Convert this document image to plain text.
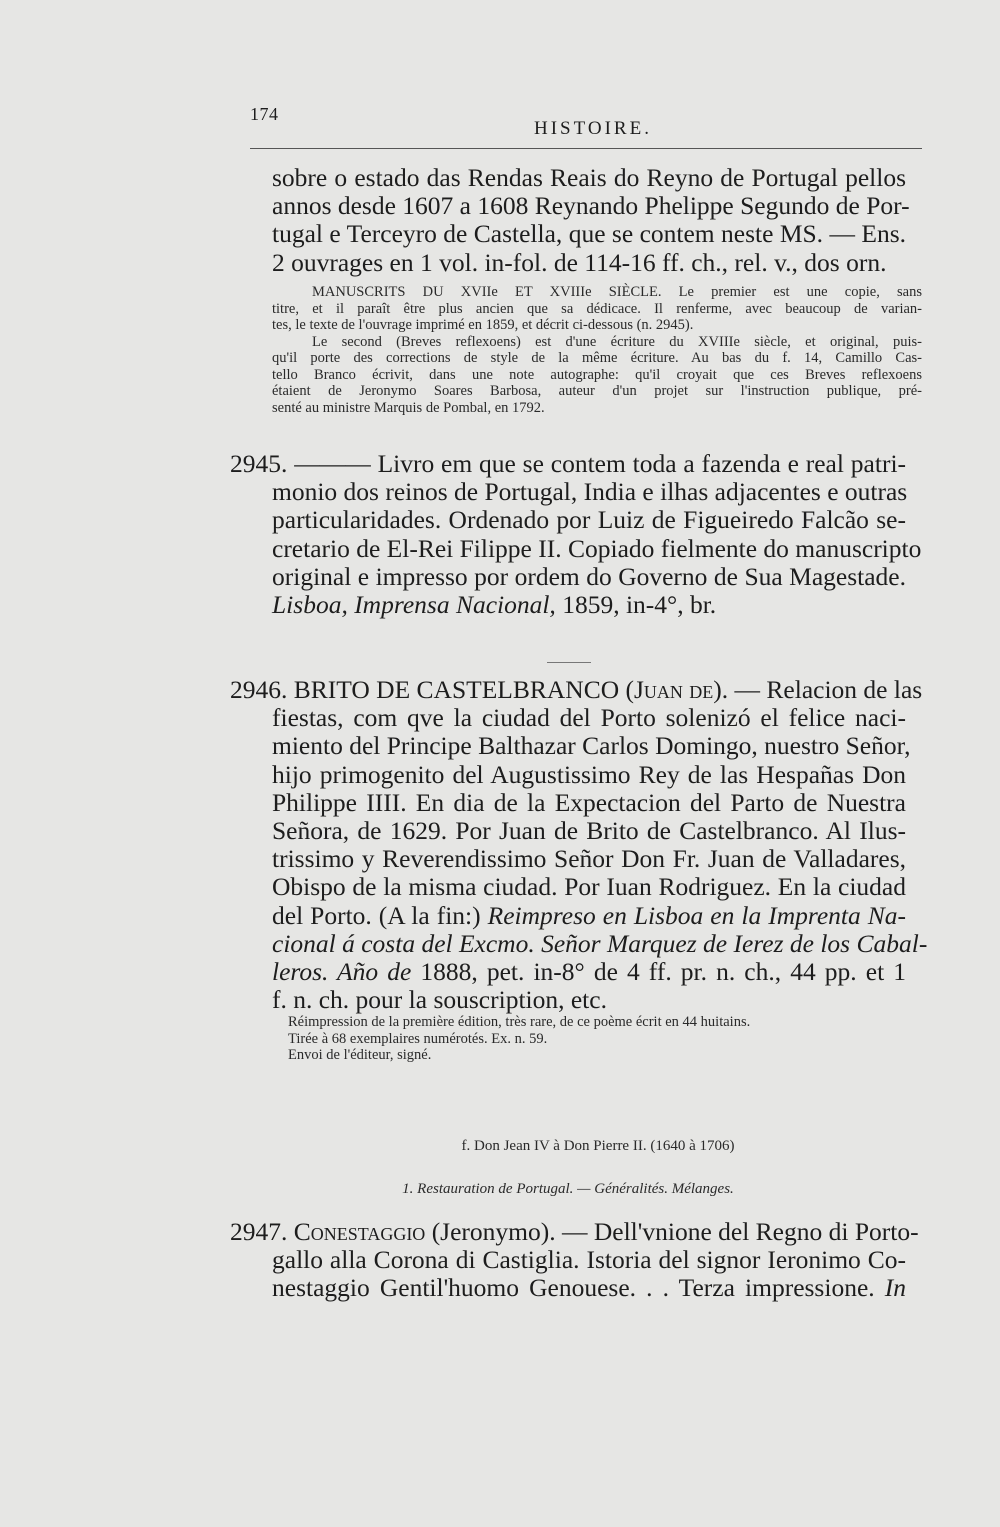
174
HISTOIRE.
sobre o estado das Rendas Reais do Reyno de Portugal pellos
annos desde 1607 a 1608 Reynando Phelippe Segundo de Por-
tugal e Terceyro de Castella, que se contem neste MS. — Ens.
2 ouvrages en 1 vol. in-fol. de 114-16 ff. ch., rel. v., dos orn.
MANUSCRITS DU XVIIe ET XVIIIe SIÈCLE. Le premier est une copie, sans
titre, et il paraît être plus ancien que sa dédicace. Il renferme, avec beaucoup de varian-
tes, le texte de l'ouvrage imprimé en 1859, et décrit ci-dessous (n. 2945).
Le second (Breves reflexoens) est d'une écriture du XVIIIe siècle, et original, puis-
qu'il porte des corrections de style de la même écriture. Au bas du f. 14, Camillo Cas-
tello Branco écrivit, dans une note autographe: qu'il croyait que ces Breves reflexoens
étaient de Jeronymo Soares Barbosa, auteur d'un projet sur l'instruction publique, pré-
senté au ministre Marquis de Pombal, en 1792.
2945. ——— Livro em que se contem toda a fazenda e real patri-
monio dos reinos de Portugal, India e ilhas adjacentes e outras
particularidades. Ordenado por Luiz de Figueiredo Falcão se-
cretario de El-Rei Filippe II. Copiado fielmente do manuscripto
original e impresso por ordem do Governo de Sua Magestade.
Lisboa, Imprensa Nacional, 1859, in-4°, br.
2946. BRITO DE CASTELBRANCO (Juan de). — Relacion de las
fiestas, com qve la ciudad del Porto solenizó el felice naci-
miento del Principe Balthazar Carlos Domingo, nuestro Señor,
hijo primogenito del Augustissimo Rey de las Hespañas Don
Philippe IIII. En dia de la Expectacion del Parto de Nuestra
Señora, de 1629. Por Juan de Brito de Castelbranco. Al Ilus-
trissimo y Reverendissimo Señor Don Fr. Juan de Valladares,
Obispo de la misma ciudad. Por Iuan Rodriguez. En la ciudad
del Porto. (A la fin:) Reimpreso en Lisboa en la Imprenta Na-
cional á costa del Excmo. Señor Marquez de Ierez de los Cabal-
leros. Año de 1888, pet. in-8° de 4 ff. pr. n. ch., 44 pp. et 1
f. n. ch. pour la souscription, etc.
Réimpression de la première édition, très rare, de ce poème écrit en 44 huitains.
Tirée à 68 exemplaires numérotés. Ex. n. 59.
Envoi de l'éditeur, signé.
f. Don Jean IV à Don Pierre II. (1640 à 1706)
1. Restauration de Portugal. — Généralités. Mélanges.
2947. Conestaggio (Jeronymo). — Dell'vnione del Regno di Porto-
gallo alla Corona di Castiglia. Istoria del signor Ieronimo Co-
nestaggio Gentil'huomo Genouese. . . Terza impressione. In
